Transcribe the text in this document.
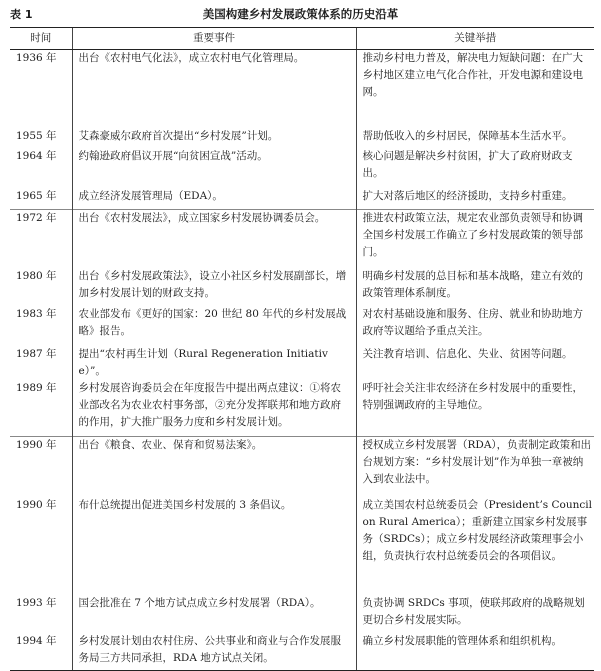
表 1	美国构建乡村发展政策体系的历史沿革
时间	重要事件	关键举措
1936 年	出台《农村电气化法》，成立农村电气化管理局。	推动乡村电力普及，解决电力短缺问题：在广大乡村地区建立电气化合作社，开发电源和建设电网。
1955 年	艾森豪威尔政府首次提出“乡村发展”计划。	帮助低收入的乡村居民，保障基本生活水平。
1964 年	约翰逊政府倡议开展“向贫困宣战”活动。	核心问题是解决乡村贫困，扩大了政府财政支出。
1965 年	成立经济发展管理局（EDA）。	扩大对落后地区的经济援助，支持乡村重建。
1972 年	出台《农村发展法》，成立国家乡村发展协调委员会。	推进农村政策立法，规定农业部负责领导和协调全国乡村发展工作确立了乡村发展政策的领导部门。
1980 年	出台《乡村发展政策法》，设立小社区乡村发展副部长，增加乡村发展计划的财政支持。	明确乡村发展的总目标和基本战略，建立有效的政策管理体系制度。
1983 年	农业部发布《更好的国家：20 世纪 80 年代的乡村发展战略》报告。	对农村基础设施和服务、住房、就业和协助地方政府等议题给予重点关注。
1987 年	提出“农村再生计划（Rural Regeneration Initiative）”。	关注教育培训、信息化、失业、贫困等问题。
1989 年	乡村发展咨询委员会在年度报告中提出两点建议：①将农业部改名为农业农村事务部，②充分发挥联邦和地方政府的作用，扩大推广服务力度和乡村发展计划。	呼吁社会关注非农经济在乡村发展中的重要性，特别强调政府的主导地位。
1990 年	出台《粮食、农业、保育和贸易法案》。	授权成立乡村发展署（RDA），负责制定政策和出台规划方案：“乡村发展计划”作为单独一章被纳入到农业法中。
1990 年	布什总统提出促进美国乡村发展的 3 条倡议。	成立美国农村总统委员会（President’s Council on Rural America）；重新建立国家乡村发展事务（SRDCs）；成立乡村发展经济政策理事会小组，负责执行农村总统委员会的各项倡议。
1993 年	国会批准在 7 个地方试点成立乡村发展署（RDA）。	负责协调 SRDCs 事项，使联邦政府的战略规划更切合乡村发展实际。
1994 年	乡村发展计划由农村住房、公共事业和商业与合作发展服务局三方共同承担，RDA 地方试点关闭。	确立乡村发展职能的管理体系和组织机构。
